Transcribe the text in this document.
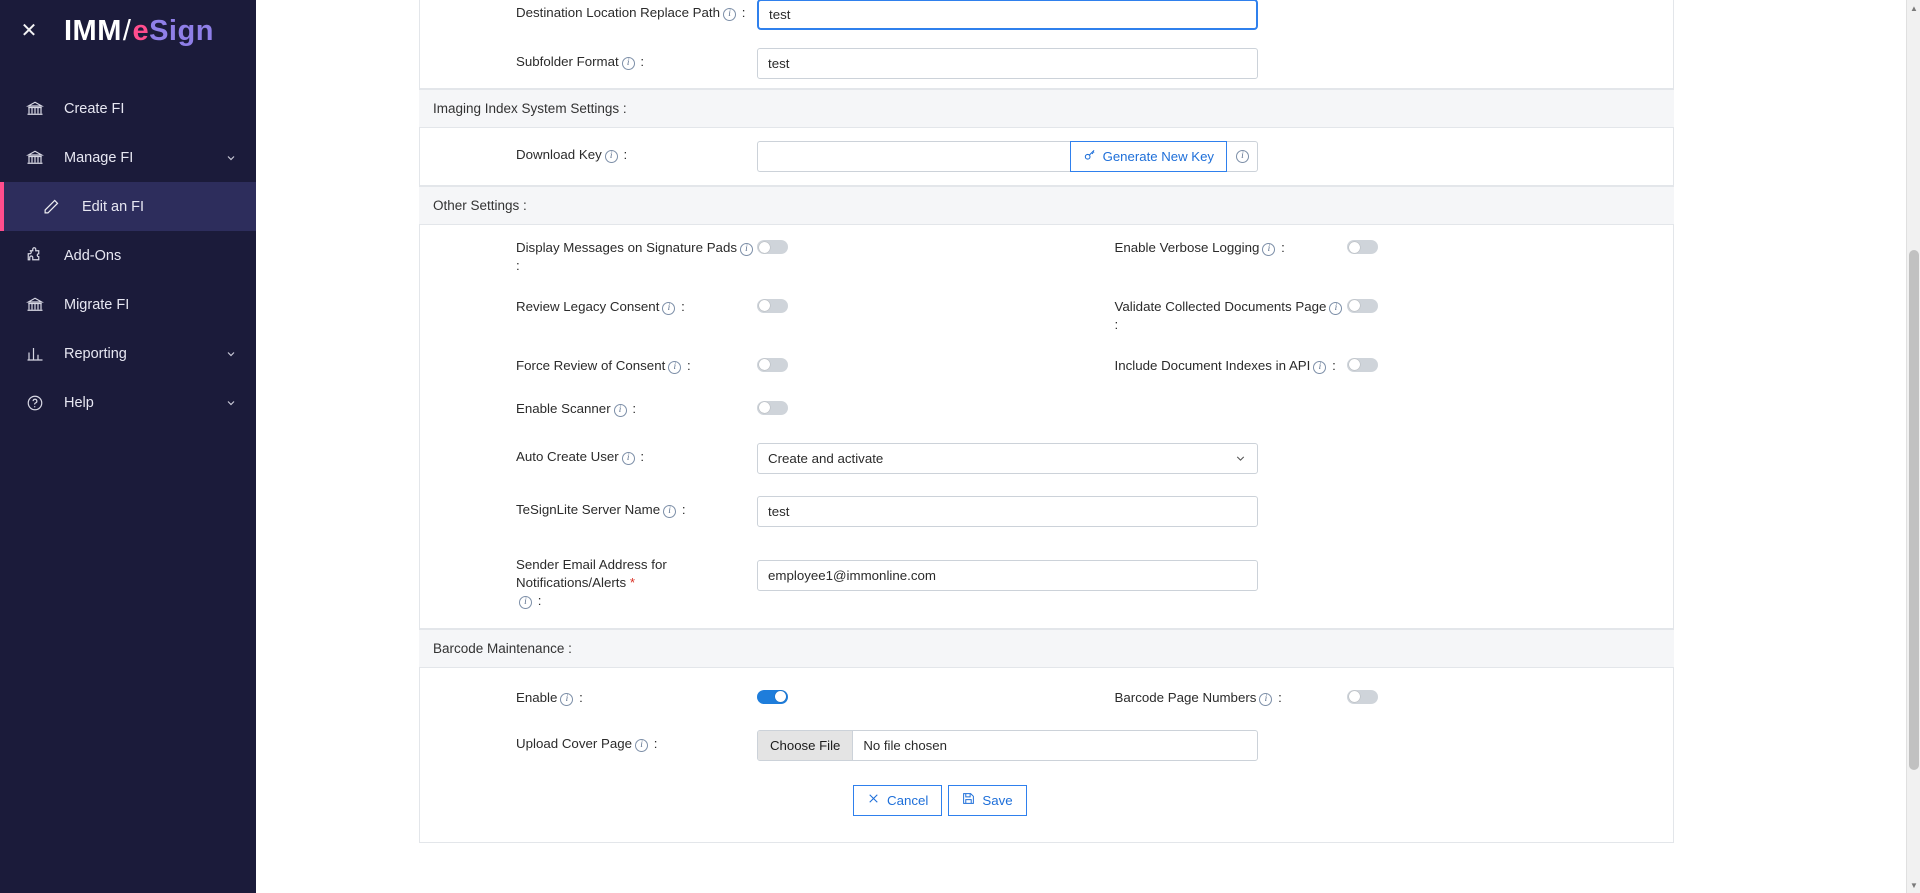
✕ IMM / e Sign
Create FI
Manage FI
Edit an FI
Add-Ons
Migrate FI
Reporting
Help
Destination Location Replace Path i :
test
Subfolder Format i :
test
Imaging Index System Settings :
Download Key i :	Generate New Key	i
Other Settings :
Display Messages on Signature Pads i :
Enable Verbose Logging i :
Review Legacy Consent i :	Validate Collected Documents Page i :
Force Review of Consent i :	Include Document Indexes in API i :
Enable Scanner i :
Auto Create User i :
Create and activate
TeSignLite Server Name i :
test
Sender Email Address for Notifications/Alerts *
i :
employee1@immonline.com
Barcode Maintenance :
Enable i :	Barcode Page Numbers i :
Upload Cover Page i :	Choose File	No file chosen
Cancel	Save
▲
▼
